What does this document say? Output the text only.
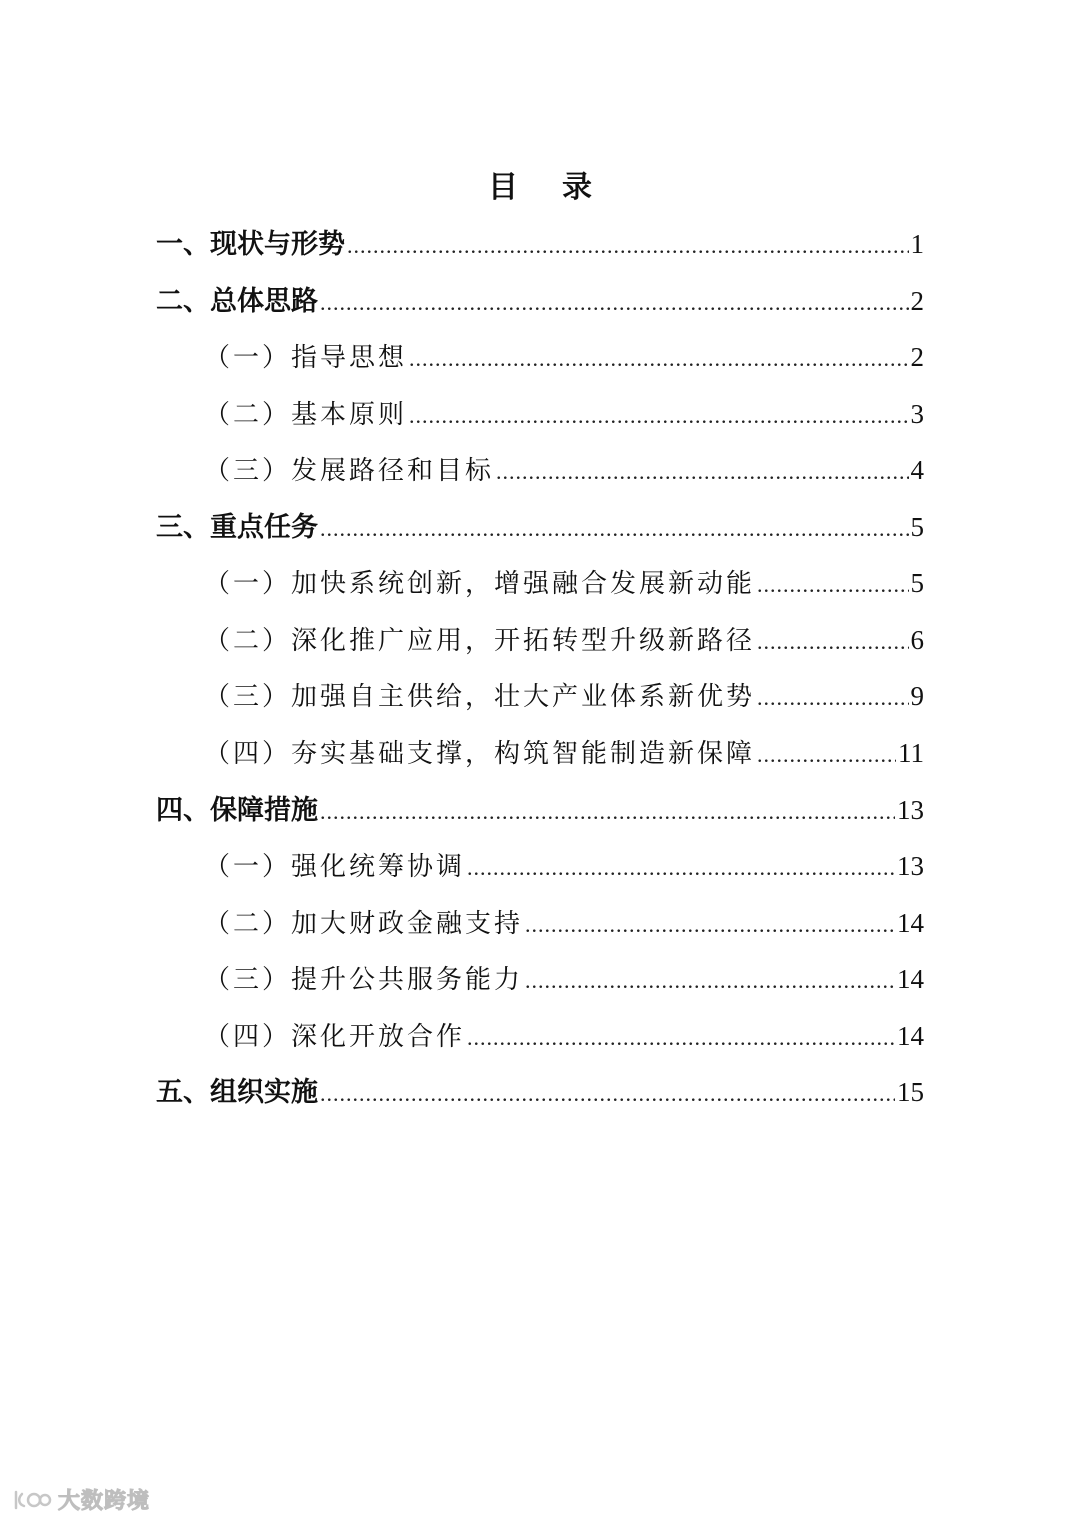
目录
一、现状与形势 .....	1
二、总体思路 .....	2
（一）指导思想 .....	2
（二）基本原则 .....	3
（三）发展路径和目标 .....	4
三、重点任务 .....	5
（一）加快系统创新，增强融合发展新动能 .....	5
（二）深化推广应用，开拓转型升级新路径 .....	6
（三）加强自主供给，壮大产业体系新优势 .....	9
（四）夯实基础支撑，构筑智能制造新保障 .....	11
四、保障措施 .....	13
（一）强化统筹协调 .....	13
（二）加大财政金融支持 .....	14
（三）提升公共服务能力 .....	14
（四）深化开放合作 .....	14
五、组织实施 .....	15
大数跨境
